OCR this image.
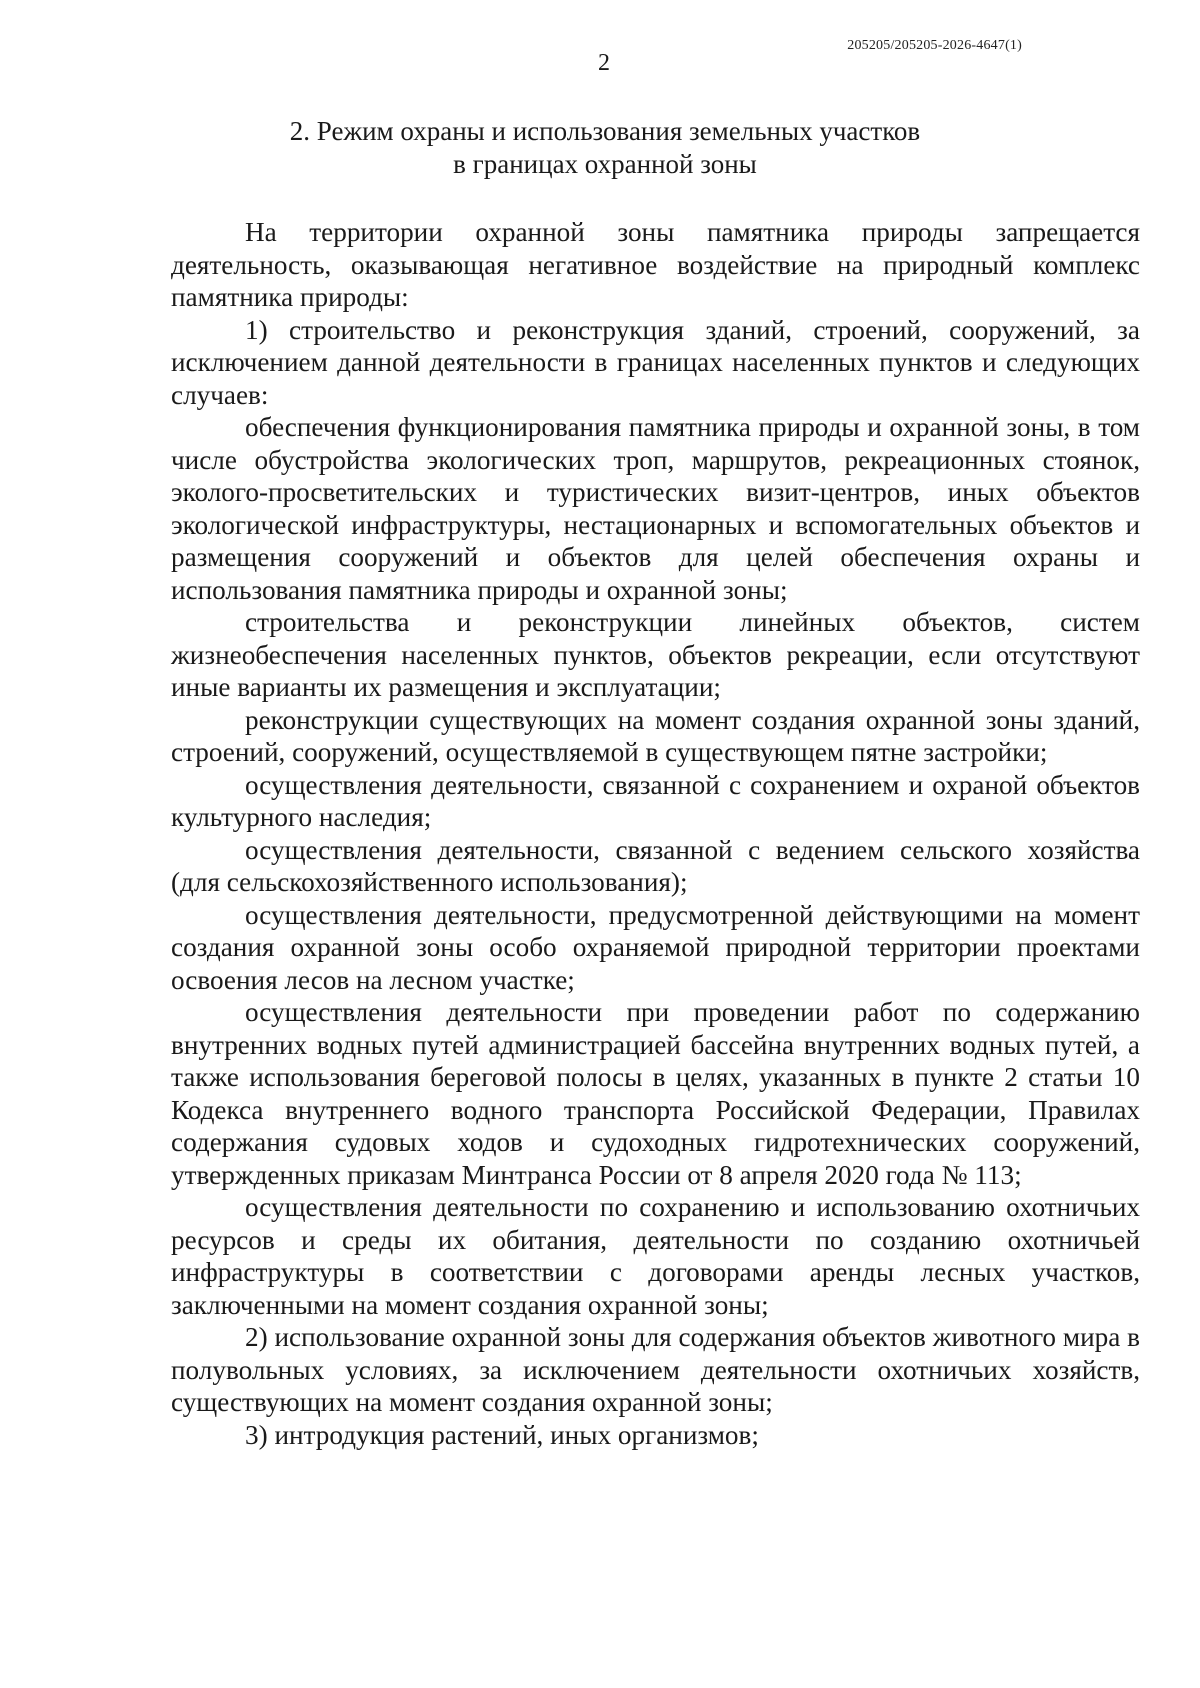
205205/205205-2026-4647(1)
2
2. Режим охраны и использования земельных участков
в границах охранной зоны

На территории охранной зоны памятника природы запрещается деятельность, оказывающая негативное воздействие на природный комплекс памятника природы:

1) строительство и реконструкция зданий, строений, сооружений, за исключением данной деятельности в границах населенных пунктов и следующих случаев:

обеспечения функционирования памятника природы и охранной зоны, в том числе обустройства экологических троп, маршрутов, рекреационных стоянок, эколого-просветительских и туристических визит-центров, иных объектов экологической инфраструктуры, нестационарных и вспомогательных объектов и размещения сооружений и объектов для целей обеспечения охраны и использования памятника природы и охранной зоны;

строительства и реконструкции линейных объектов, систем жизнеобеспечения населенных пунктов, объектов рекреации, если отсутствуют иные варианты их размещения и эксплуатации;

реконструкции существующих на момент создания охранной зоны зданий, строений, сооружений, осуществляемой в существующем пятне застройки;

осуществления деятельности, связанной с сохранением и охраной объектов культурного наследия;

осуществления деятельности, связанной с ведением сельского хозяйства (для сельскохозяйственного использования);

осуществления деятельности, предусмотренной действующими на момент создания охранной зоны особо охраняемой природной территории проектами освоения лесов на лесном участке;

осуществления деятельности при проведении работ по содержанию внутренних водных путей администрацией бассейна внутренних водных путей, а также использования береговой полосы в целях, указанных в пункте 2 статьи 10 Кодекса внутреннего водного транспорта Российской Федерации, Правилах содержания судовых ходов и судоходных гидротехнических сооружений, утвержденных приказам Минтранса России от 8 апреля 2020 года № 113;

осуществления деятельности по сохранению и использованию охотничьих ресурсов и среды их обитания, деятельности по созданию охотничьей инфраструктуры в соответствии с договорами аренды лесных участков, заключенными на момент создания охранной зоны;

2) использование охранной зоны для содержания объектов животного мира в полувольных условиях, за исключением деятельности охотничьих хозяйств, существующих на момент создания охранной зоны;

3) интродукция растений, иных организмов;
